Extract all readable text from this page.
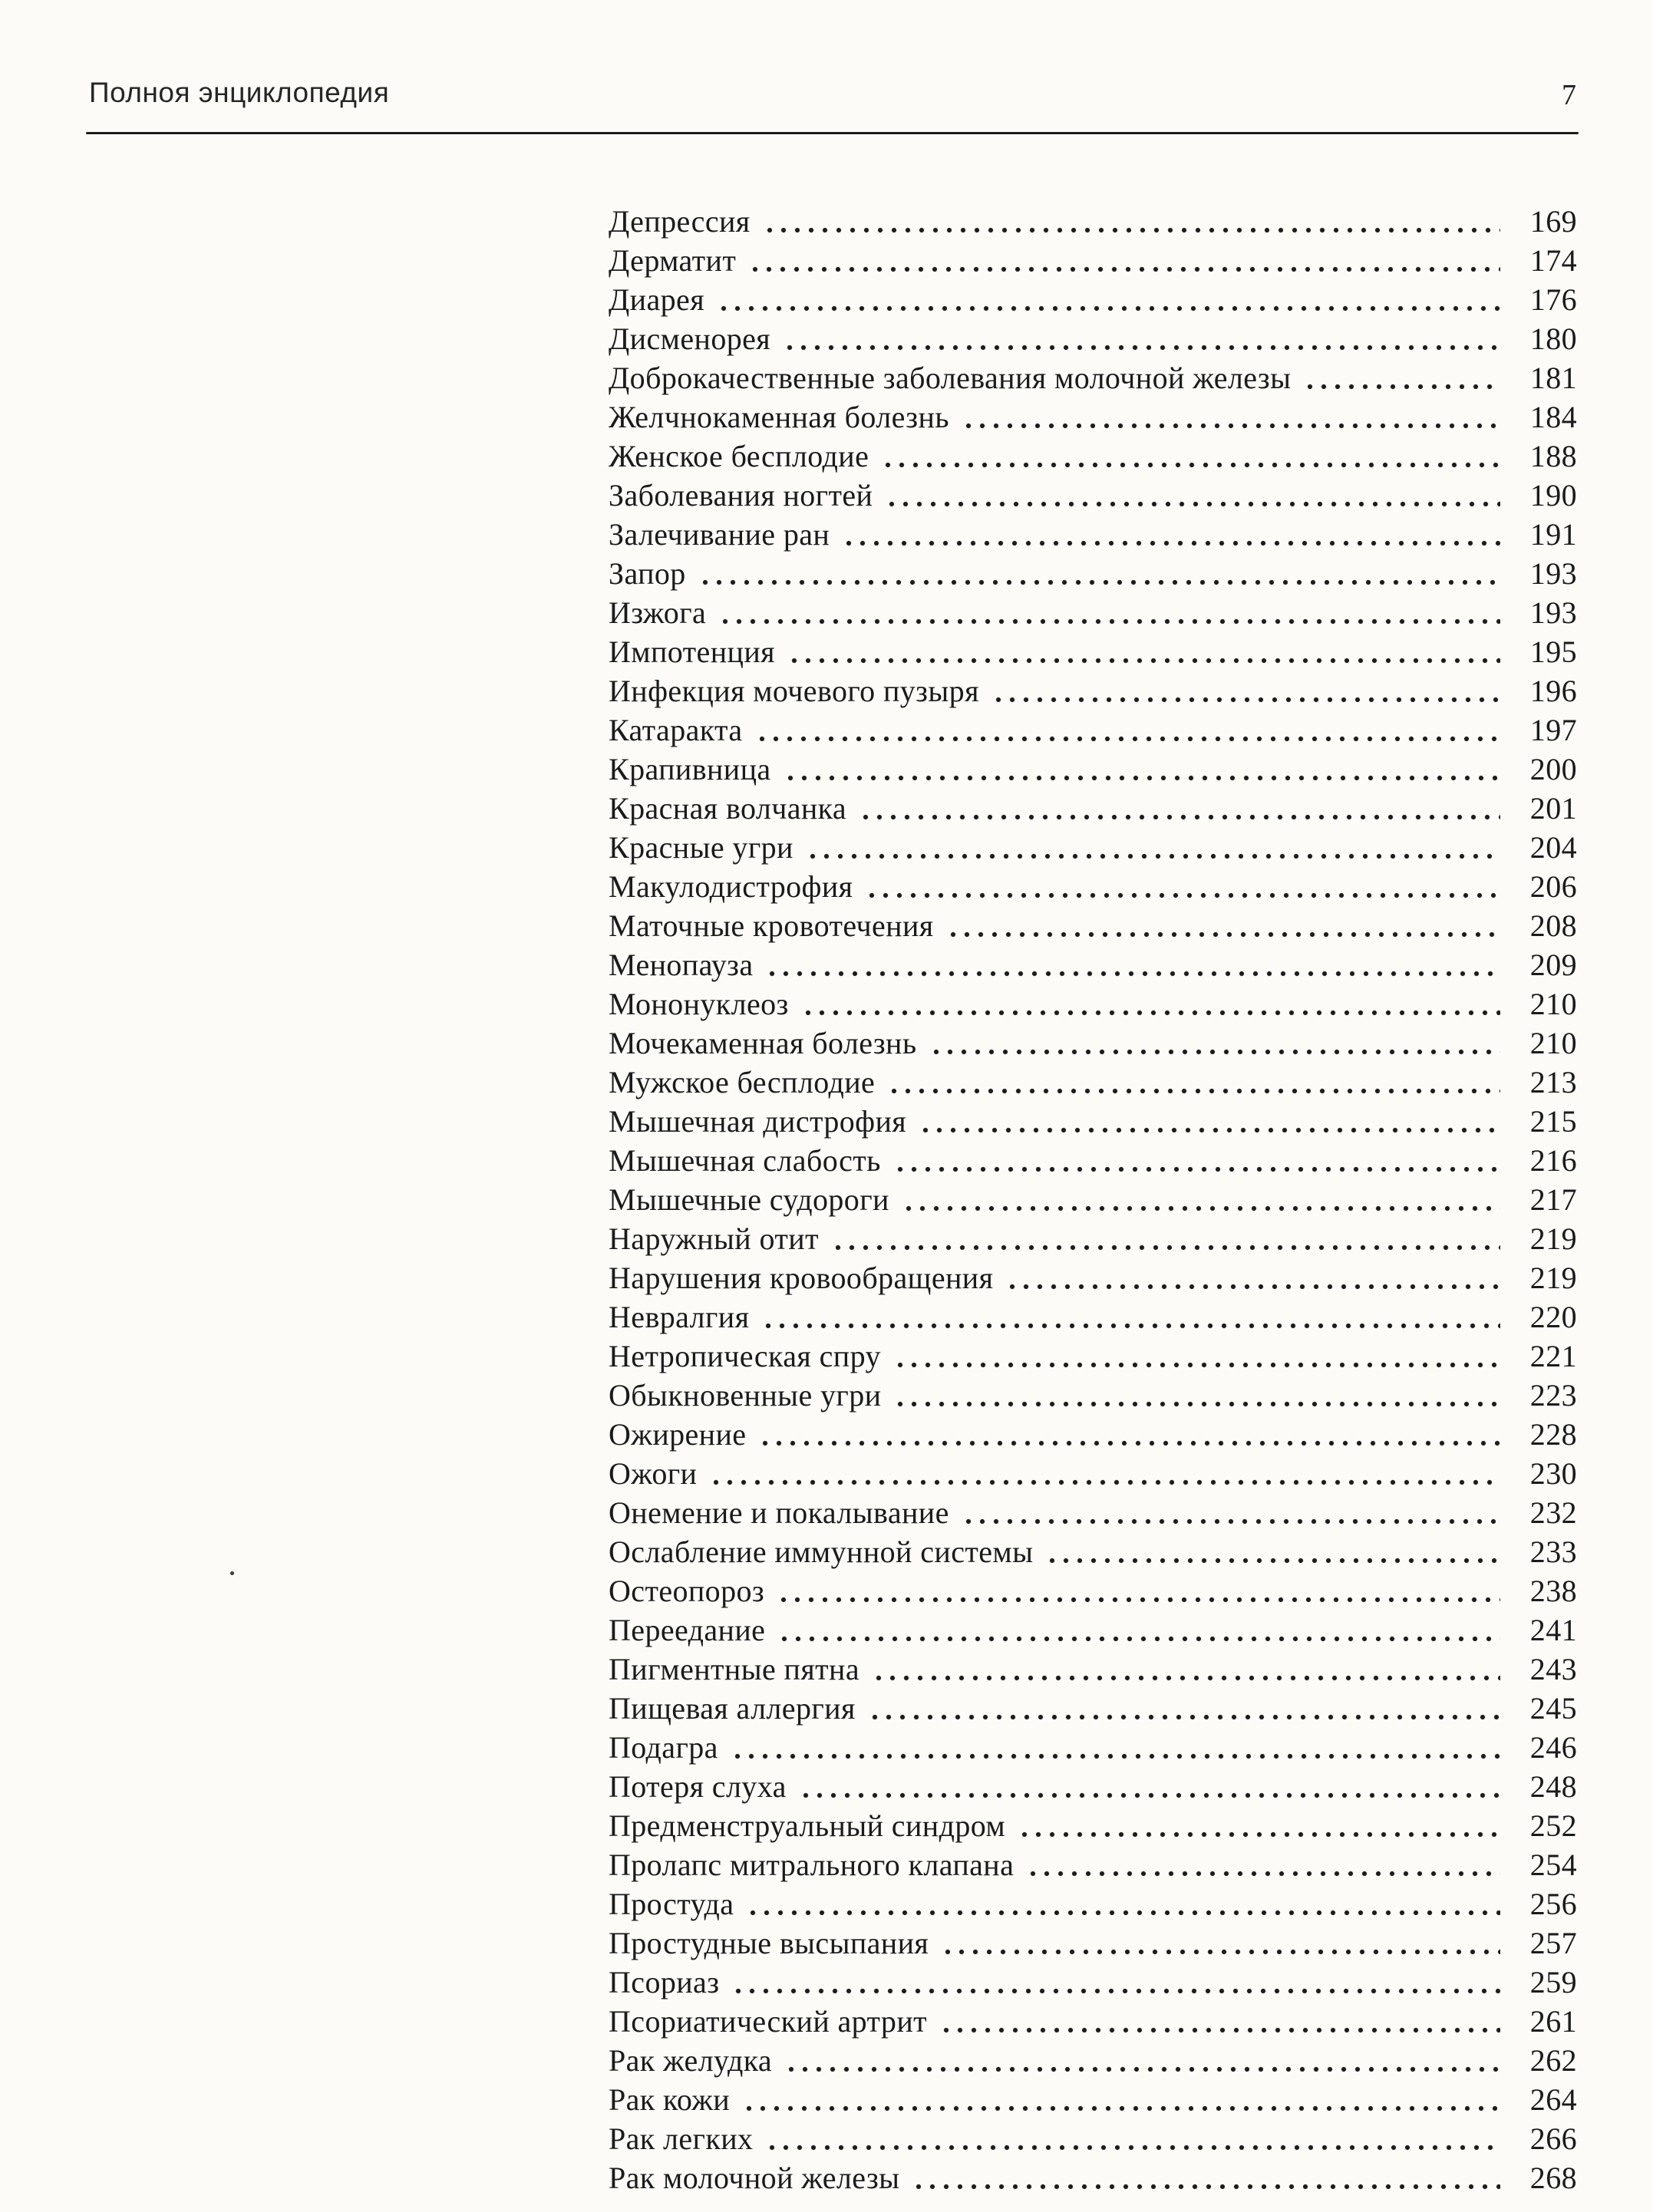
Полноя энциклопедия	7
Депрессия	169
Дерматит	174
Диарея	176
Дисменорея	180
Доброкачественные заболевания молочной железы	181
Желчнокаменная болезнь	184
Женское бесплодие	188
Заболевания ногтей	190
Залечивание ран	191
Запор	193
Изжога	193
Импотенция	195
Инфекция мочевого пузыря	196
Катаракта	197
Крапивница	200
Красная волчанка	201
Красные угри	204
Макулодистрофия	206
Маточные кровотечения	208
Менопауза	209
Мононуклеоз	210
Мочекаменная болезнь	210
Мужское бесплодие	213
Мышечная дистрофия	215
Мышечная слабость	216
Мышечные судороги	217
Наружный отит	219
Нарушения кровообращения	219
Невралгия	220
Нетропическая спру	221
Обыкновенные угри	223
Ожирение	228
Ожоги	230
Онемение и покалывание	232
Ослабление иммунной системы	233
Остеопороз	238
Переедание	241
Пигментные пятна	243
Пищевая аллергия	245
Подагра	246
Потеря слуха	248
Предменструальный синдром	252
Пролапс митрального клапана	254
Простуда	256
Простудные высыпания	257
Псориаз	259
Псориатический артрит	261
Рак желудка	262
Рак кожи	264
Рак легких	266
Рак молочной железы	268
